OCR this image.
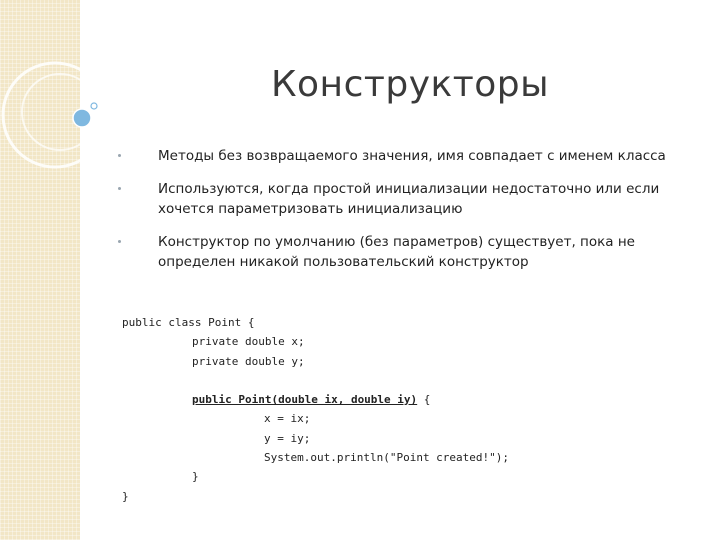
Конструкторы
Методы без возвращаемого значения, имя совпадает с именем класса
Используются, когда простой инициализации недостаточно или если хочется параметризовать инициализацию
Конструктор по умолчанию (без параметров) существует, пока не определен никакой пользовательский конструктор
public class Point {
private double x;
private double y;
public Point(double ix, double iy) {
x = ix;
y = iy;
System.out.println("Point created!");
}
}
